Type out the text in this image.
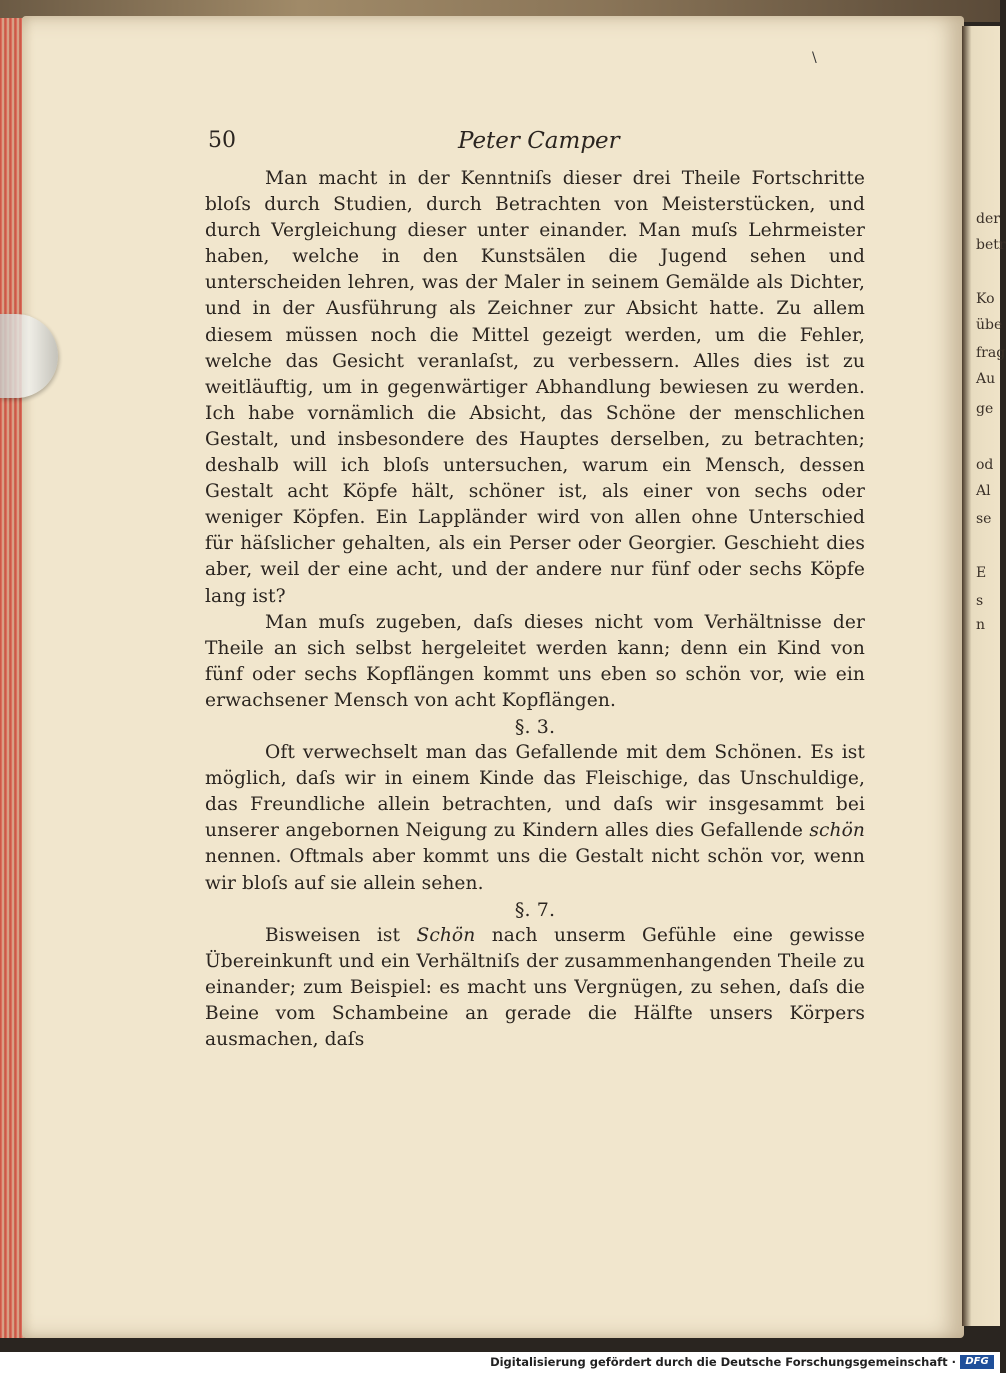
der
betr
Ko
übe
frag
Au
ge
od
Al
se
E
s
n
\
50	Peter Camper

Man macht in der Kenntniſs dieser drei Theile Fortschritte bloſs durch Studien, durch Betrachten von Meisterstücken, und durch Vergleichung dieser unter einander. Man muſs Lehrmeister haben, welche in den Kunstsälen die Jugend sehen und unterscheiden lehren, was der Maler in seinem Gemälde als Dichter, und in der Ausführung als Zeichner zur Absicht hatte. Zu allem diesem müssen noch die Mittel gezeigt werden, um die Fehler, welche das Gesicht veranlaſst, zu verbessern. Alles dies ist zu weitläuftig, um in gegenwärtiger Abhandlung bewiesen zu werden. Ich habe vornämlich die Absicht, das Schöne der menschlichen Gestalt, und insbesondere des Hauptes derselben, zu betrachten; deshalb will ich bloſs untersuchen, warum ein Mensch, dessen Gestalt acht Köpfe hält, schöner ist, als einer von sechs oder weniger Köpfen. Ein Lappländer wird von allen ohne Unterschied für häſslicher gehalten, als ein Perser oder Georgier. Geschieht dies aber, weil der eine acht, und der andere nur fünf oder sechs Köpfe lang ist?

Man muſs zugeben, daſs dieses nicht vom Verhältnisse der Theile an sich selbst hergeleitet werden kann; denn ein Kind von fünf oder sechs Kopflängen kommt uns eben so schön vor, wie ein erwachsener Mensch von acht Kopflängen.

§. 3.

Oft verwechselt man das Gefallende mit dem Schönen. Es ist möglich, daſs wir in einem Kinde das Fleischige, das Unschuldige, das Freundliche allein betrachten, und daſs wir insgesammt bei unserer angebornen Neigung zu Kindern alles dies Gefallende schön nennen. Oftmals aber kommt uns die Gestalt nicht schön vor, wenn wir bloſs auf sie allein sehen.

§. 7.

Bisweisen ist Schön nach unserm Gefühle eine gewisse Übereinkunft und ein Verhältniſs der zusammenhangenden Theile zu einander; zum Beispiel: es macht uns Vergnügen, zu sehen, daſs die Beine vom Schambeine an gerade die Hälfte unsers Körpers ausmachen, daſs

Digitalisierung gefördert durch die Deutsche Forschungsgemeinschaft · DFG
